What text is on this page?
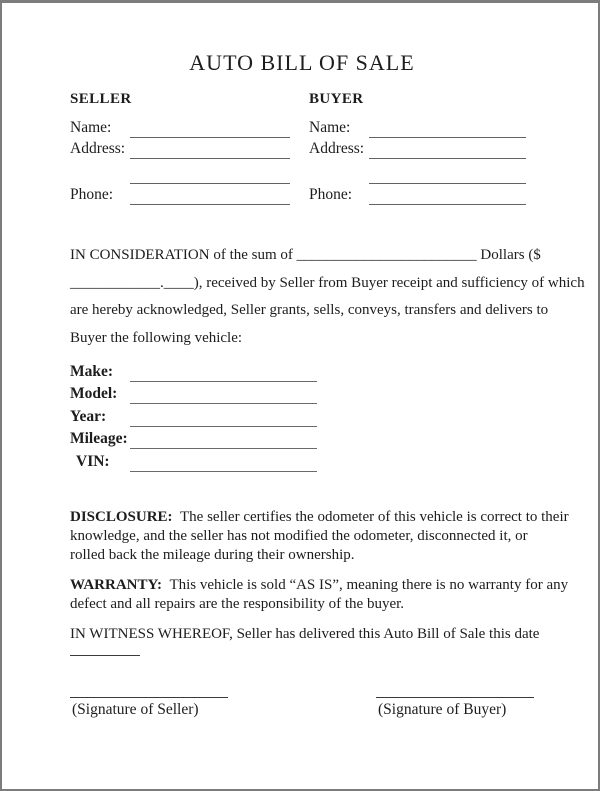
AUTO BILL OF SALE
SELLER
Name:
Address:
Phone:
BUYER
Name:
Address:
Phone:
IN CONSIDERATION of the sum of ________________________ Dollars ($
____________.____), received by Seller from Buyer receipt and sufficiency of which
are hereby acknowledged, Seller grants, sells, conveys, transfers and delivers to
Buyer the following vehicle:
Make:
Model:
Year:
Mileage:
VIN:
DISCLOSURE: The seller certifies the odometer of this vehicle is correct to their
knowledge, and the seller has not modified the odometer, disconnected it, or
rolled back the mileage during their ownership.
WARRANTY: This vehicle is sold “AS IS”, meaning there is no warranty for any
defect and all repairs are the responsibility of the buyer.
IN WITNESS WHEREOF, Seller has delivered this Auto Bill of Sale this date
(Signature of Seller)	(Signature of Buyer)
